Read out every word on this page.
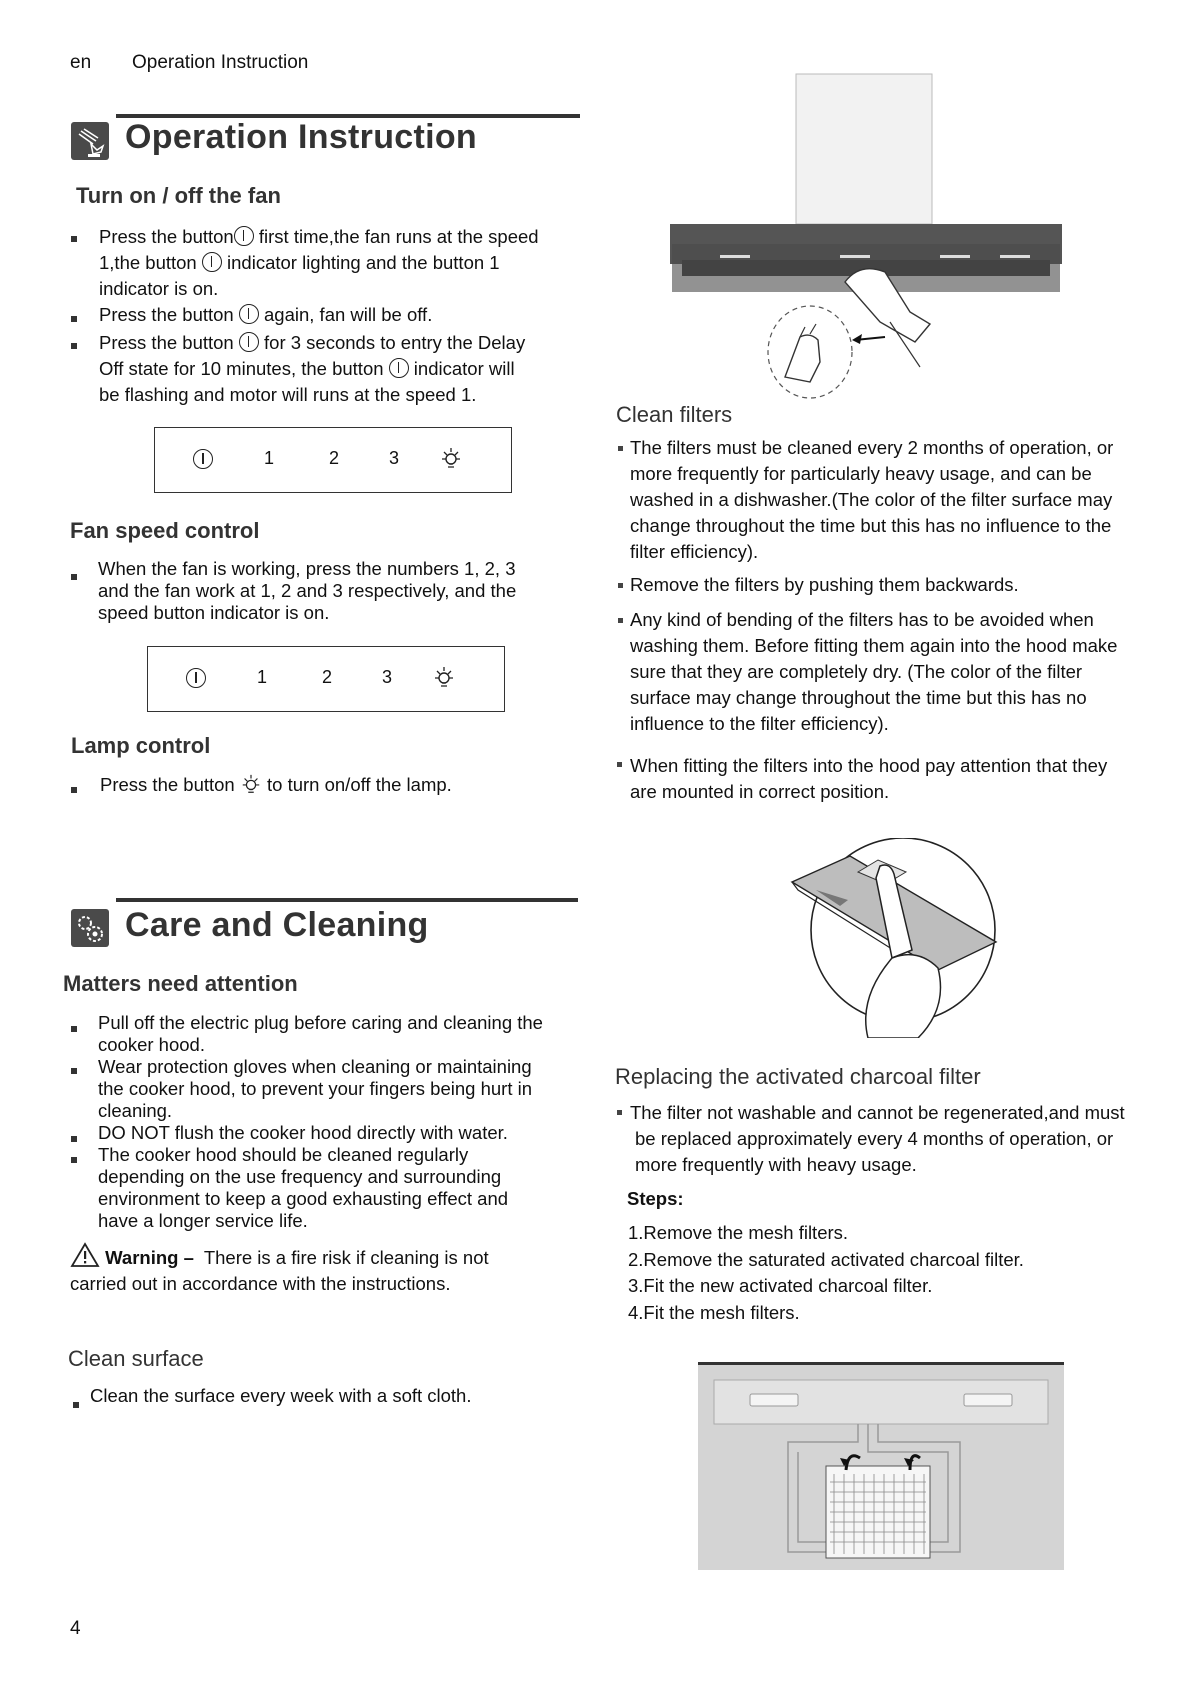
en Operation Instruction
Operation Instruction
Turn on / off the fan
Press the button first time,the fan runs at the speed
1,the button  indicator lighting and the button 1
indicator is on.
Press the button  again, fan will be off.
Press the button  for 3 seconds to entry the Delay
Off state for 10 minutes, the button  indicator will
be flashing and motor will runs at the speed 1.
1	2	3
Fan speed control
When the fan is working, press the numbers 1, 2, 3
and the fan work at 1, 2 and 3 respectively, and the
speed button indicator is on.
1	2	3
Lamp control
Press the button to turn on/off the lamp.
Care and Cleaning
Matters need attention
Pull off the electric plug before caring and cleaning the
cooker hood.
Wear protection gloves when cleaning or maintaining
the cooker hood, to prevent your fingers being hurt in
cleaning.
DO NOT flush the cooker hood directly with water.
The cooker hood should be cleaned regularly
depending on the use frequency and surrounding
environment to keep a good exhausting effect and
have a longer service life.
Warning – There is a fire risk if cleaning is not
carried out in accordance with the instructions.
Clean surface
Clean the surface every week with a soft cloth.
4
Clean filters
The filters must be cleaned every 2 months of operation, or
more frequently for particularly heavy usage, and can be
washed in a dishwasher.(The color of the filter surface may
change throughout the time but this has no influence to the
filter efficiency).
Remove the filters by pushing them backwards.
Any kind of bending of the filters has to be avoided when
washing them. Before fitting them again into the hood make
sure that they are completely dry. (The color of the filter
surface may change throughout the time but this has no
influence to the filter efficiency).
When fitting the filters into the hood pay attention that they
are mounted in correct position.
Replacing the activated charcoal filter
The filter not washable and cannot be regenerated,and must
be replaced approximately every 4 months of operation, or
more frequently with heavy usage.
Steps:
1.Remove the mesh filters.
2.Remove the saturated activated charcoal filter.
3.Fit the new activated charcoal filter.
4.Fit the mesh filters.
